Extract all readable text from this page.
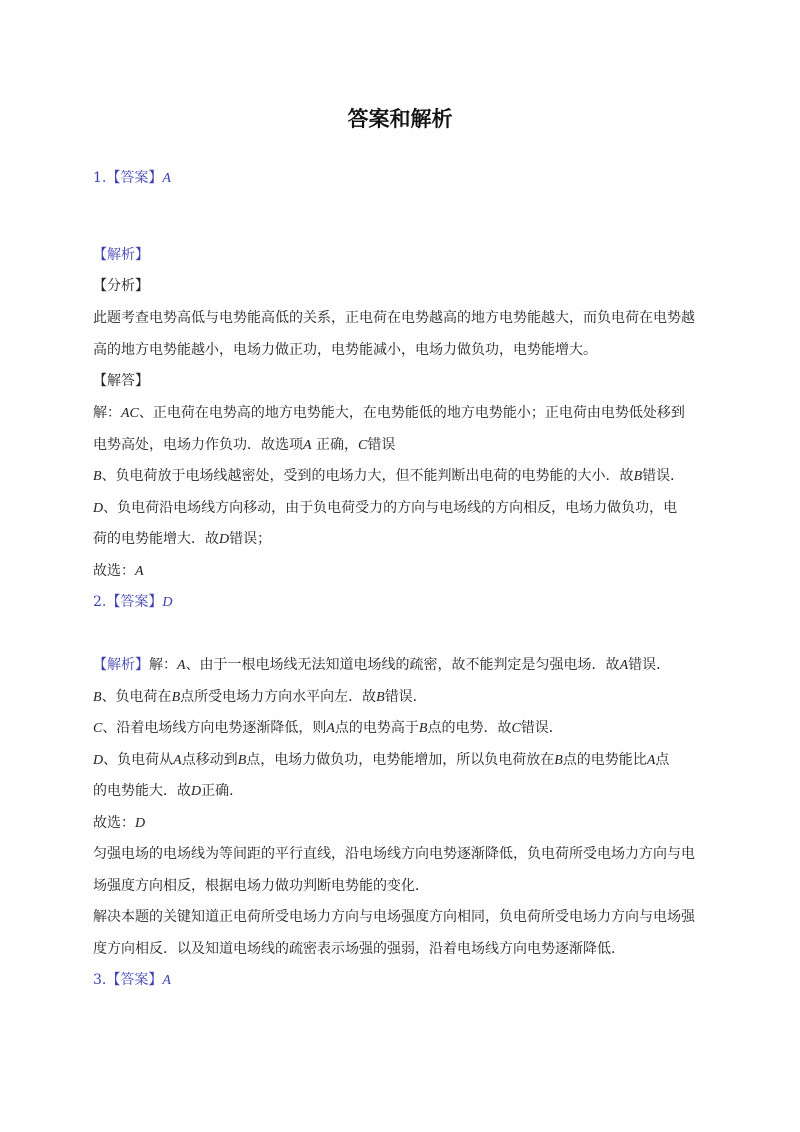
答案和解析
1.【答案】A
【解析】
【分析】
此题考查电势高低与电势能高低的关系，正电荷在电势越高的地方电势能越大，而负电荷在电势越
高的地方电势能越小，电场力做正功，电势能减小，电场力做负功，电势能增大。
【解答】
解：AC、正电荷在电势高的地方电势能大，在电势能低的地方电势能小；正电荷由电势低处移到
电势高处，电场力作负功．故选项A 正确，C错误
B、负电荷放于电场线越密处，受到的电场力大，但不能判断出电荷的电势能的大小．故B错误．
D、负电荷沿电场线方向移动，由于负电荷受力的方向与电场线的方向相反，电场力做负功，电
荷的电势能增大．故D错误；
故选：A
2.【答案】D
【解析】解：A、由于一根电场线无法知道电场线的疏密，故不能判定是匀强电场．故A错误．
B、负电荷在B点所受电场力方向水平向左．故B错误．
C、沿着电场线方向电势逐渐降低，则A点的电势高于B点的电势．故C错误．
D、负电荷从A点移动到B点，电场力做负功，电势能增加，所以负电荷放在B点的电势能比A点
的电势能大．故D正确．
故选：D
匀强电场的电场线为等间距的平行直线，沿电场线方向电势逐渐降低，负电荷所受电场力方向与电
场强度方向相反，根据电场力做功判断电势能的变化．
解决本题的关键知道正电荷所受电场力方向与电场强度方向相同，负电荷所受电场力方向与电场强
度方向相反．以及知道电场线的疏密表示场强的强弱，沿着电场线方向电势逐渐降低．
3.【答案】A
